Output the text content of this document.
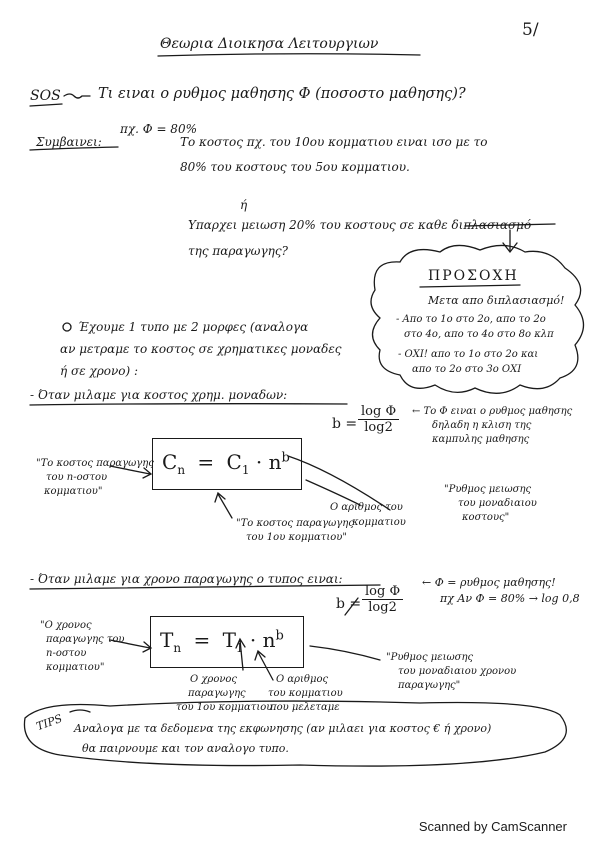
5/
Θεωρια Διοικησα Λειτουργιων
SOS	Τι ειναι ο ρυθμος μαθησης Φ (ποσοστο μαθησης)?
πχ. Φ = 80%
Συμβαινει:	Το κοστος πχ. του 10ου κομματιου ειναι ισο με το
80% του κοστους του 5ου κομματιου.
ή
Υπαρχει μειωση 20% του κοστους σε καθε διπλασιασμό
της παραγωγης?
ΠΡΟΣΟΧΗ
Μετα απο διπλασιασμό!
- Απο το 1ο στο 2ο, απο το 2ο
στο 4ο, απο το 4ο στο 8ο κλπ
- ΟΧΙ! απο το 1ο στο 2ο και
απο το 2ο στο 3ο ΟΧΙ
Έχουμε 1 τυπο με 2 μορφες (αναλογα
αν μετραμε το κοστος σε χρηματικες μοναδες
ή σε χρονο) :
- Όταν μιλαμε για κοστος χρημ. μοναδων:
$C_n = C_1 \cdot n^b$
$b = \frac{\text{log Φ}}{\log 2}$ ← Το Φ ειναι ο ρυθμος μαθησης
δηλαδη η κλιση της
καμπυλης μαθησης
"Το κοστος παραγωγης
του n-οστου
κομματιου"
"Το κοστος παραγωγης
του 1ου κομματιου"
Ο αριθμος του
κομματιου
"Ρυθμος μειωσης
του μοναδιαιου
κοστους"
- Όταν μιλαμε για χρονο παραγωγης ο τυπος ειναι:
$T_n = T_1 \cdot n^b$
$b = \frac{\text{log Φ}}{\log 2}$
← Φ = ρυθμος μαθησης!
πχ Αν Φ = 80% → log 0,8
"Ο χρονος
παραγωγης του
n-οστου
κομματιου"
Ο χρονος
παραγωγης
του 1ου κομματιου
Ο αριθμος
του κομματιου
που μελεταμε
"Ρυθμος μειωσης
του μοναδιαιου χρονου
παραγωγης"
TIPS Αναλογα με τα δεδομενα της εκφωνησης (αν μιλαει για κοστος € ή χρονο)
θα παιρνουμε και τον αναλογο τυπο.
Scanned by CamScanner
